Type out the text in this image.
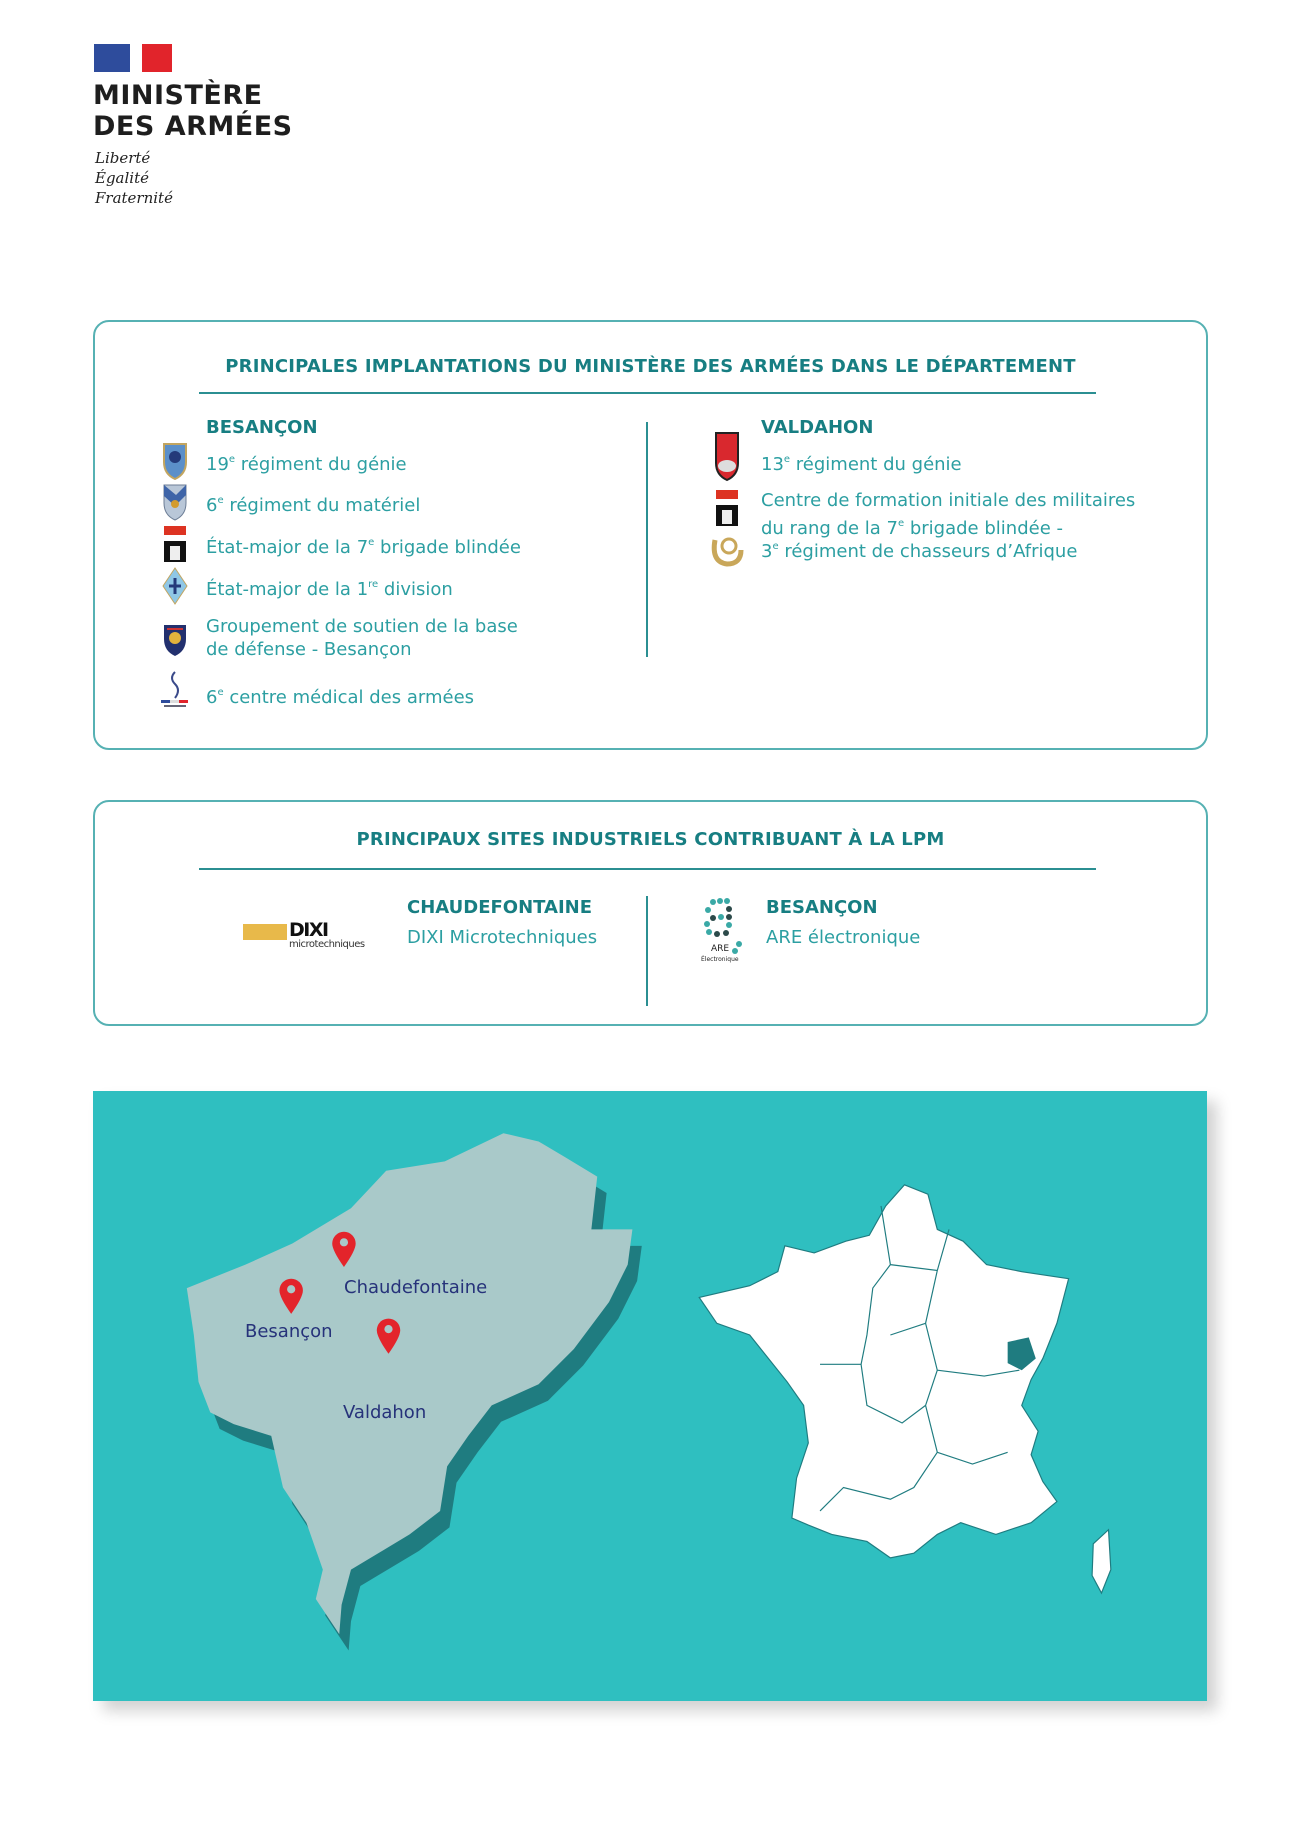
MINISTÈRE
DES ARMÉES
Liberté
Égalité
Fraternité
PRINCIPALES IMPLANTATIONS DU MINISTÈRE DES ARMÉES DANS LE DÉPARTEMENT
BESANÇON
19e régiment du génie
6e régiment du matériel
État-major de la 7e brigade blindée
État-major de la 1re division
Groupement de soutien de la base
de défense - Besançon
6e centre médical des armées
VALDAHON
13e régiment du génie
Centre de formation initiale des militaires
du rang de la 7e brigade blindée -
3e régiment de chasseurs d’Afrique
PRINCIPAUX SITES INDUSTRIELS CONTRIBUANT À LA LPM
DIXI
microtechniques
CHAUDEFONTAINE
DIXI Microtechniques
ARE
Électronique
BESANÇON
ARE électronique
Chaudefontaine
Besançon
Valdahon
